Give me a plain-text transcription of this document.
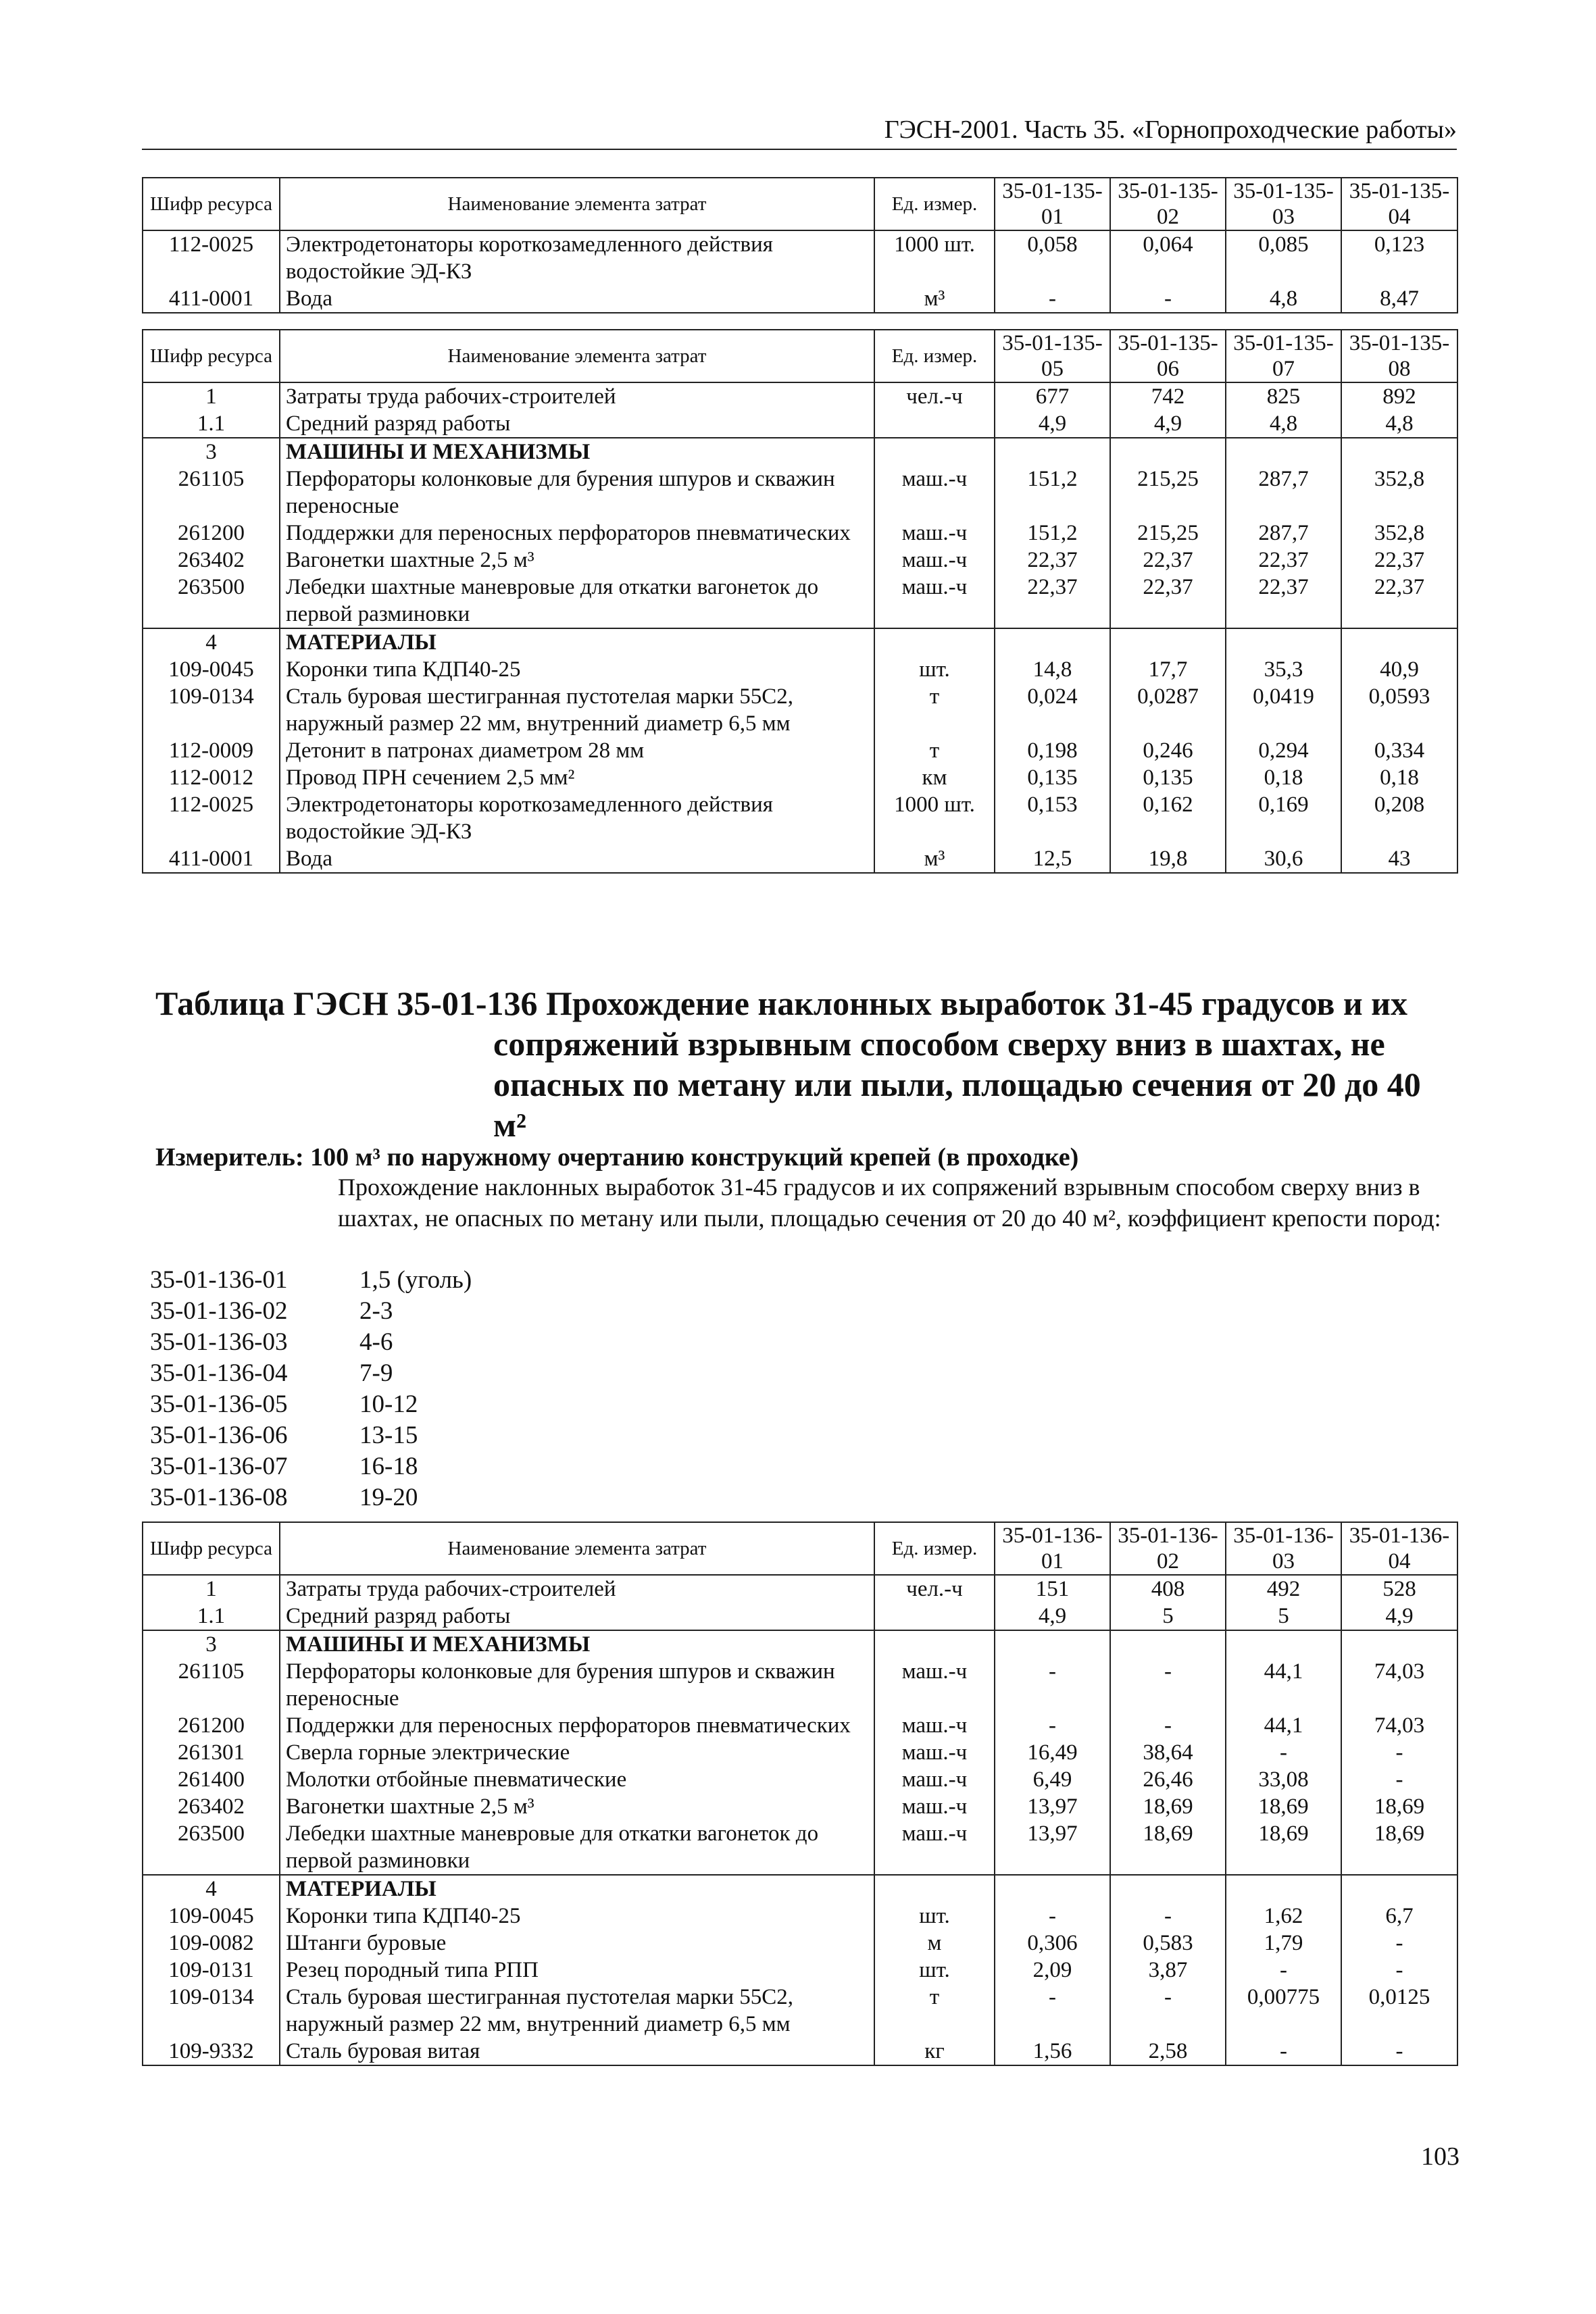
ГЭСН-2001. Часть 35. «Горнопроходческие работы»
Шифр ресурса	Наименование элемента затрат	Ед. измер.	35-01-135-01	35-01-135-02	35-01-135-03	35-01-135-04
112-0025	Электродетонаторы короткозамедленного действия водостойкие ЭД-КЗ	1000 шт.	0,058	0,064	0,085	0,123
411-0001	Вода	м³	-	-	4,8	8,47
Шифр ресурса	Наименование элемента затрат	Ед. измер.	35-01-135-05	35-01-135-06	35-01-135-07	35-01-135-08
1	Затраты труда рабочих-строителей	чел.-ч	677	742	825	892
1.1	Средний разряд работы		4,9	4,9	4,8	4,8
3	МАШИНЫ И МЕХАНИЗМЫ					
261105	Перфораторы колонковые для бурения шпуров и скважин переносные	маш.-ч	151,2	215,25	287,7	352,8
261200	Поддержки для переносных перфораторов пневматических	маш.-ч	151,2	215,25	287,7	352,8
263402	Вагонетки шахтные 2,5 м³	маш.-ч	22,37	22,37	22,37	22,37
263500	Лебедки шахтные маневровые для откатки вагонеток до первой разминовки	маш.-ч	22,37	22,37	22,37	22,37
4	МАТЕРИАЛЫ					
109-0045	Коронки типа КДП40-25	шт.	14,8	17,7	35,3	40,9
109-0134	Сталь буровая шестигранная пустотелая марки 55С2, наружный размер 22 мм, внутренний диаметр 6,5 мм	т	0,024	0,0287	0,0419	0,0593
112-0009	Детонит в патронах диаметром 28 мм	т	0,198	0,246	0,294	0,334
112-0012	Провод ПРН сечением 2,5 мм²	км	0,135	0,135	0,18	0,18
112-0025	Электродетонаторы короткозамедленного действия водостойкие ЭД-КЗ	1000 шт.	0,153	0,162	0,169	0,208
411-0001	Вода	м³	12,5	19,8	30,6	43
Таблица ГЭСН 35-01-136 Прохождение наклонных выработок 31-45 градусов и их
сопряжений взрывным способом сверху вниз в шахтах, не
опасных по метану или пыли, площадью сечения от 20 до 40
м²
Измеритель: 100 м³ по наружному очертанию конструкций крепей (в проходке)
Прохождение наклонных выработок 31-45 градусов и их сопряжений взрывным способом сверху вниз в шахтах, не опасных по метану или пыли, площадью сечения от 20 до 40 м², коэффициент крепости пород:
35-01-136-01	1,5 (уголь)
35-01-136-02	2-3
35-01-136-03	4-6
35-01-136-04	7-9
35-01-136-05	10-12
35-01-136-06	13-15
35-01-136-07	16-18
35-01-136-08	19-20
Шифр ресурса	Наименование элемента затрат	Ед. измер.	35-01-136-01	35-01-136-02	35-01-136-03	35-01-136-04
1	Затраты труда рабочих-строителей	чел.-ч	151	408	492	528
1.1	Средний разряд работы		4,9	5	5	4,9
3	МАШИНЫ И МЕХАНИЗМЫ					
261105	Перфораторы колонковые для бурения шпуров и скважин переносные	маш.-ч	-	-	44,1	74,03
261200	Поддержки для переносных перфораторов пневматических	маш.-ч	-	-	44,1	74,03
261301	Сверла горные электрические	маш.-ч	16,49	38,64	-	-
261400	Молотки отбойные пневматические	маш.-ч	6,49	26,46	33,08	-
263402	Вагонетки шахтные 2,5 м³	маш.-ч	13,97	18,69	18,69	18,69
263500	Лебедки шахтные маневровые для откатки вагонеток до первой разминовки	маш.-ч	13,97	18,69	18,69	18,69
4	МАТЕРИАЛЫ					
109-0045	Коронки типа КДП40-25	шт.	-	-	1,62	6,7
109-0082	Штанги буровые	м	0,306	0,583	1,79	-
109-0131	Резец породный типа РПП	шт.	2,09	3,87	-	-
109-0134	Сталь буровая шестигранная пустотелая марки 55С2, наружный размер 22 мм, внутренний диаметр 6,5 мм	т	-	-	0,00775	0,0125
109-9332	Сталь буровая витая	кг	1,56	2,58	-	-
103
